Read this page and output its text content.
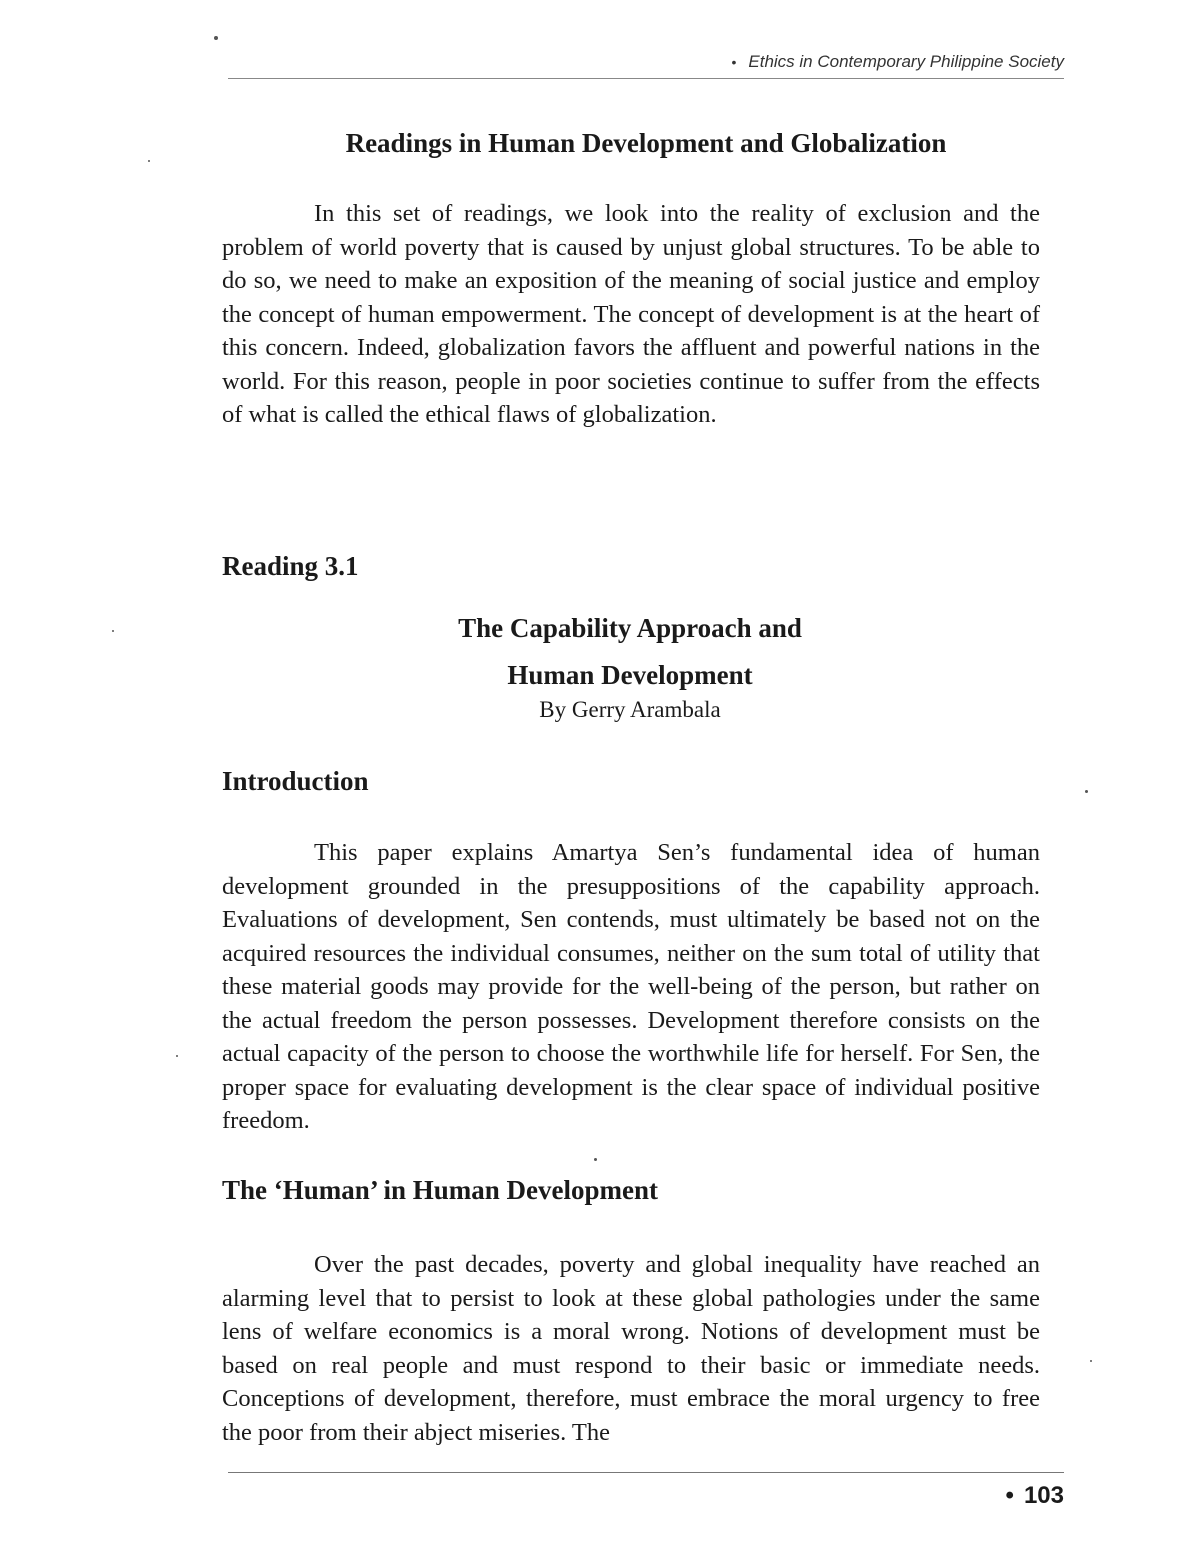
• Ethics in Contemporary Philippine Society
Readings in Human Development and Globalization

In this set of readings, we look into the reality of exclusion and the problem of world poverty that is caused by unjust global structures. To be able to do so, we need to make an exposition of the meaning of social justice and employ the concept of human empowerment. The concept of development is at the heart of this concern. Indeed, globalization favors the affluent and powerful nations in the world. For this reason, people in poor societies continue to suffer from the effects of what is called the ethical flaws of globalization.

Reading 3.1
The Capability Approach and
Human Development
By Gerry Arambala
Introduction

This paper explains Amartya Sen’s fundamental idea of human development grounded in the presuppositions of the capability approach. Evaluations of development, Sen contends, must ultimately be based not on the acquired resources the individual consumes, neither on the sum total of utility that these material goods may provide for the well-being of the person, but rather on the actual freedom the person possesses. Development therefore consists on the actual capacity of the person to choose the worthwhile life for herself. For Sen, the proper space for evaluating development is the clear space of individual positive freedom.

The ‘Human’ in Human Development

Over the past decades, poverty and global inequality have reached an alarming level that to persist to look at these global pathologies under the same lens of welfare economics is a moral wrong. Notions of development must be based on real people and must respond to their basic or immediate needs. Conceptions of development, therefore, must embrace the moral urgency to free the poor from their abject miseries. The

• 103
